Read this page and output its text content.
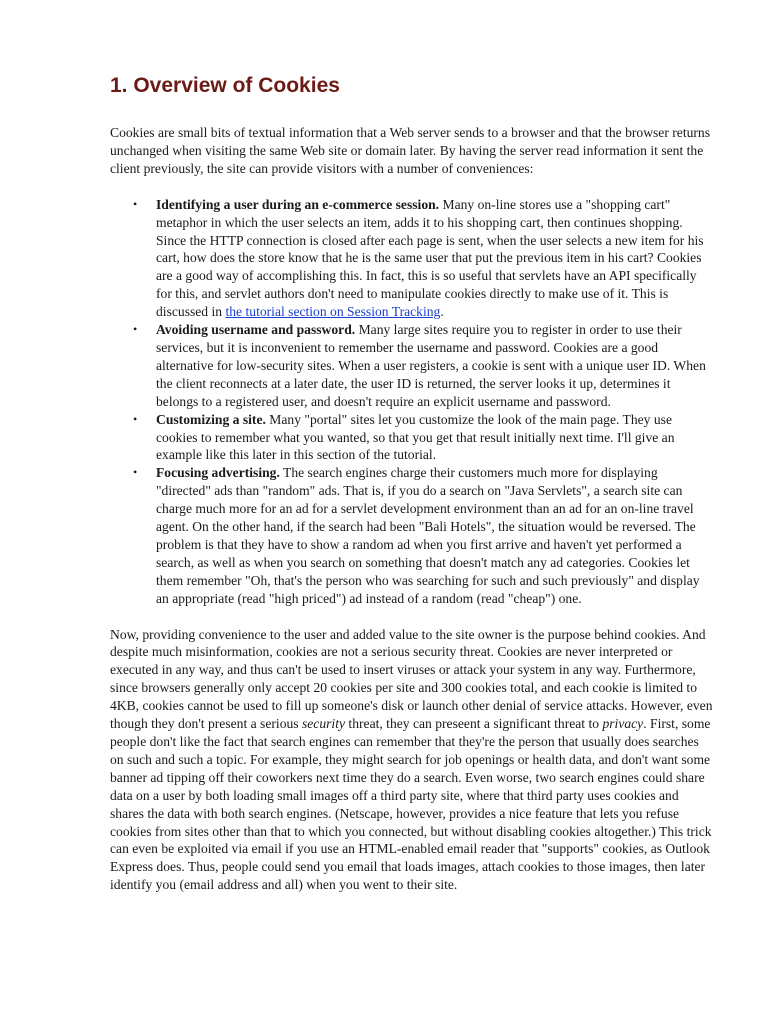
1. Overview of Cookies

Cookies are small bits of textual information that a Web server sends to a browser and that the browser returns unchanged when visiting the same Web site or domain later. By having the server read information it sent the client previously, the site can provide visitors with a number of conveniences:

• Identifying a user during an e-commerce session. Many on-line stores use a "shopping cart" metaphor in which the user selects an item, adds it to his shopping cart, then continues shopping. Since the HTTP connection is closed after each page is sent, when the user selects a new item for his cart, how does the store know that he is the same user that put the previous item in his cart? Cookies are a good way of accomplishing this. In fact, this is so useful that servlets have an API specifically for this, and servlet authors don't need to manipulate cookies directly to make use of it. This is discussed in the tutorial section on Session Tracking.
• Avoiding username and password. Many large sites require you to register in order to use their services, but it is inconvenient to remember the username and password. Cookies are a good alternative for low-security sites. When a user registers, a cookie is sent with a unique user ID. When the client reconnects at a later date, the user ID is returned, the server looks it up, determines it belongs to a registered user, and doesn't require an explicit username and password.
• Customizing a site. Many "portal" sites let you customize the look of the main page. They use cookies to remember what you wanted, so that you get that result initially next time. I'll give an example like this later in this section of the tutorial.
• Focusing advertising. The search engines charge their customers much more for displaying "directed" ads than "random" ads. That is, if you do a search on "Java Servlets", a search site can charge much more for an ad for a servlet development environment than an ad for an on-line travel agent. On the other hand, if the search had been "Bali Hotels", the situation would be reversed. The problem is that they have to show a random ad when you first arrive and haven't yet performed a search, as well as when you search on something that doesn't match any ad categories. Cookies let them remember "Oh, that's the person who was searching for such and such previously" and display an appropriate (read "high priced") ad instead of a random (read "cheap") one.

Now, providing convenience to the user and added value to the site owner is the purpose behind cookies. And despite much misinformation, cookies are not a serious security threat. Cookies are never interpreted or executed in any way, and thus can't be used to insert viruses or attack your system in any way. Furthermore, since browsers generally only accept 20 cookies per site and 300 cookies total, and each cookie is limited to 4KB, cookies cannot be used to fill up someone's disk or launch other denial of service attacks. However, even though they don't present a serious security threat, they can preseent a significant threat to privacy. First, some people don't like the fact that search engines can remember that they're the person that usually does searches on such and such a topic. For example, they might search for job openings or health data, and don't want some banner ad tipping off their coworkers next time they do a search. Even worse, two search engines could share data on a user by both loading small images off a third party site, where that third party uses cookies and shares the data with both search engines. (Netscape, however, provides a nice feature that lets you refuse cookies from sites other than that to which you connected, but without disabling cookies altogether.) This trick can even be exploited via email if you use an HTML-enabled email reader that "supports" cookies, as Outlook Express does. Thus, people could send you email that loads images, attach cookies to those images, then later identify you (email address and all) when you went to their site.
